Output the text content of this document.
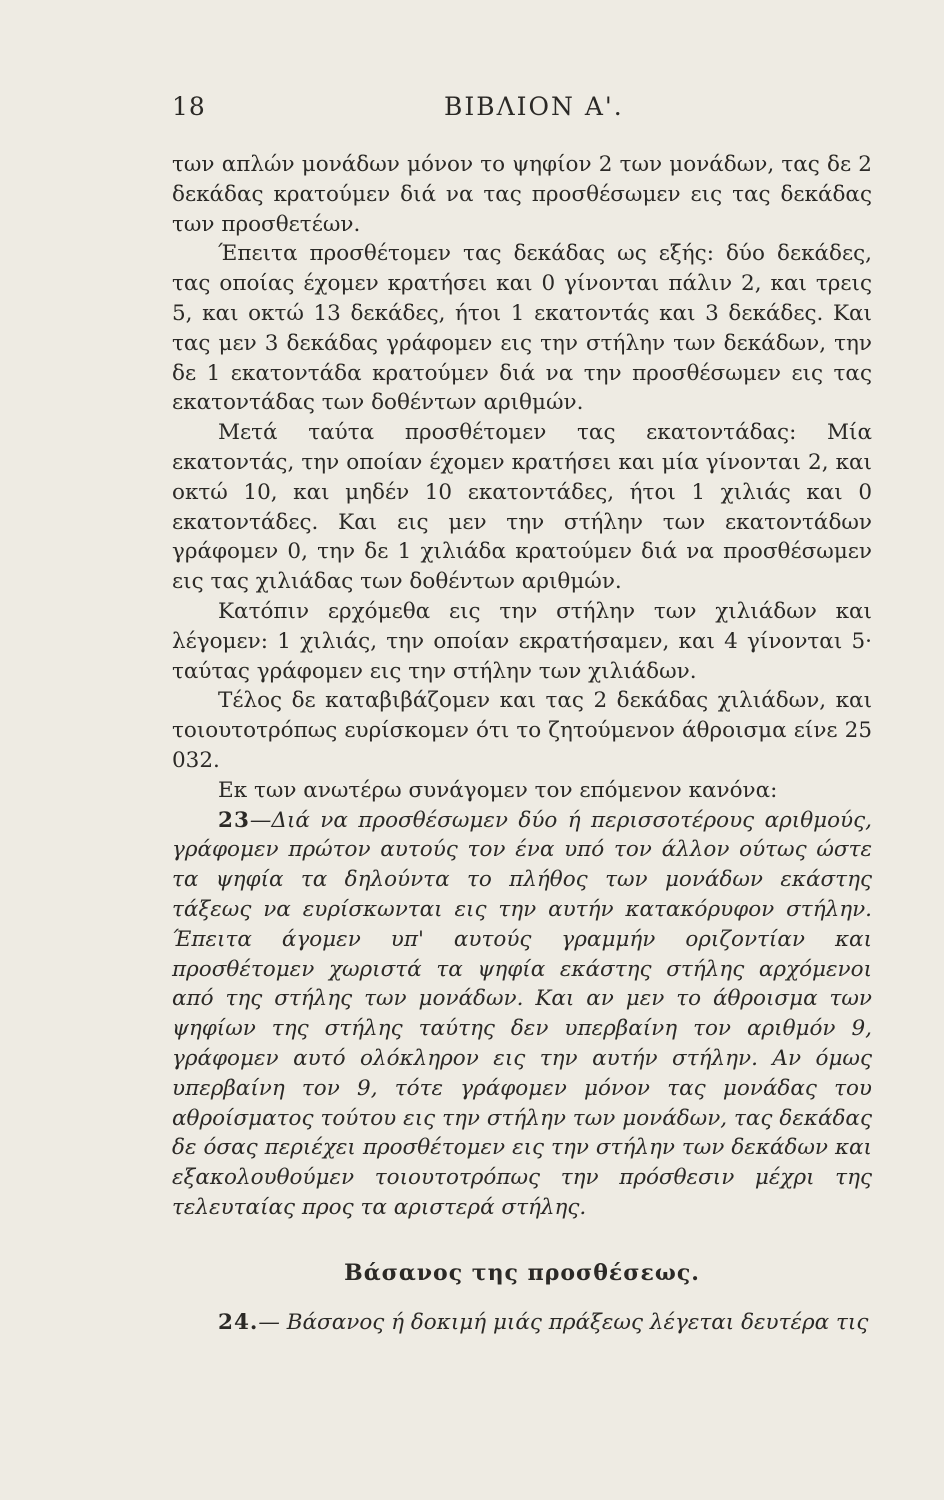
18	ΒΙΒΛΙΟΝ Α'.

των απλών μονάδων μόνον το ψηφίον 2 των μονάδων, τας δε 2 δεκάδας κρατούμεν διά να τας προσθέσωμεν εις τας δεκάδας των προσθετέων.

Έπειτα προσθέτομεν τας δεκάδας ως εξής: δύο δεκάδες, τας οποίας έχομεν κρατήσει και 0 γίνονται πάλιν 2, και τρεις 5, και οκτώ 13 δεκάδες, ήτοι 1 εκατοντάς και 3 δεκάδες. Και τας μεν 3 δεκάδας γράφομεν εις την στήλην των δεκάδων, την δε 1 εκατοντάδα κρατούμεν διά να την προσθέσωμεν εις τας εκατοντάδας των δοθέντων αριθμών.

Μετά ταύτα προσθέτομεν τας εκατοντάδας: Μία εκατοντάς, την οποίαν έχομεν κρατήσει και μία γίνονται 2, και οκτώ 10, και μηδέν 10 εκατοντάδες, ήτοι 1 χιλιάς και 0 εκατοντάδες. Και εις μεν την στήλην των εκατοντάδων γράφομεν 0, την δε 1 χιλιάδα κρατούμεν διά να προσθέσωμεν εις τας χιλιάδας των δοθέντων αριθμών.

Κατόπιν ερχόμεθα εις την στήλην των χιλιάδων και λέγομεν: 1 χιλιάς, την οποίαν εκρατήσαμεν, και 4 γίνονται 5· ταύτας γράφομεν εις την στήλην των χιλιάδων.

Τέλος δε καταβιβάζομεν και τας 2 δεκάδας χιλιάδων, και τοιουτοτρόπως ευρίσκομεν ότι το ζητούμενον άθροισμα είνε 25 032.

Εκ των ανωτέρω συνάγομεν τον επόμενον κανόνα:

23—Διά να προσθέσωμεν δύο ή περισσοτέρους αριθμούς, γράφομεν πρώτον αυτούς τον ένα υπό τον άλλον ούτως ώστε τα ψηφία τα δηλούντα το πλήθος των μονάδων εκάστης τάξεως να ευρίσκωνται εις την αυτήν κατακόρυφον στήλην. Έπειτα άγομεν υπ' αυτούς γραμμήν οριζοντίαν και προσθέτομεν χωριστά τα ψηφία εκάστης στήλης αρχόμενοι από της στήλης των μονάδων. Και αν μεν το άθροισμα των ψηφίων της στήλης ταύτης δεν υπερβαίνη τον αριθμόν 9, γράφομεν αυτό ολόκληρον εις την αυτήν στήλην. Αν όμως υπερβαίνη τον 9, τότε γράφομεν μόνον τας μονάδας του αθροίσματος τούτου εις την στήλην των μονάδων, τας δεκάδας δε όσας περιέχει προσθέτομεν εις την στήλην των δεκάδων και εξακολουθούμεν τοιουτοτρόπως την πρόσθεσιν μέχρι της τελευταίας προς τα αριστερά στήλης.

Βάσανος της προσθέσεως.

24.— Βάσανος ή δοκιμή μιάς πράξεως λέγεται δευτέρα τις
